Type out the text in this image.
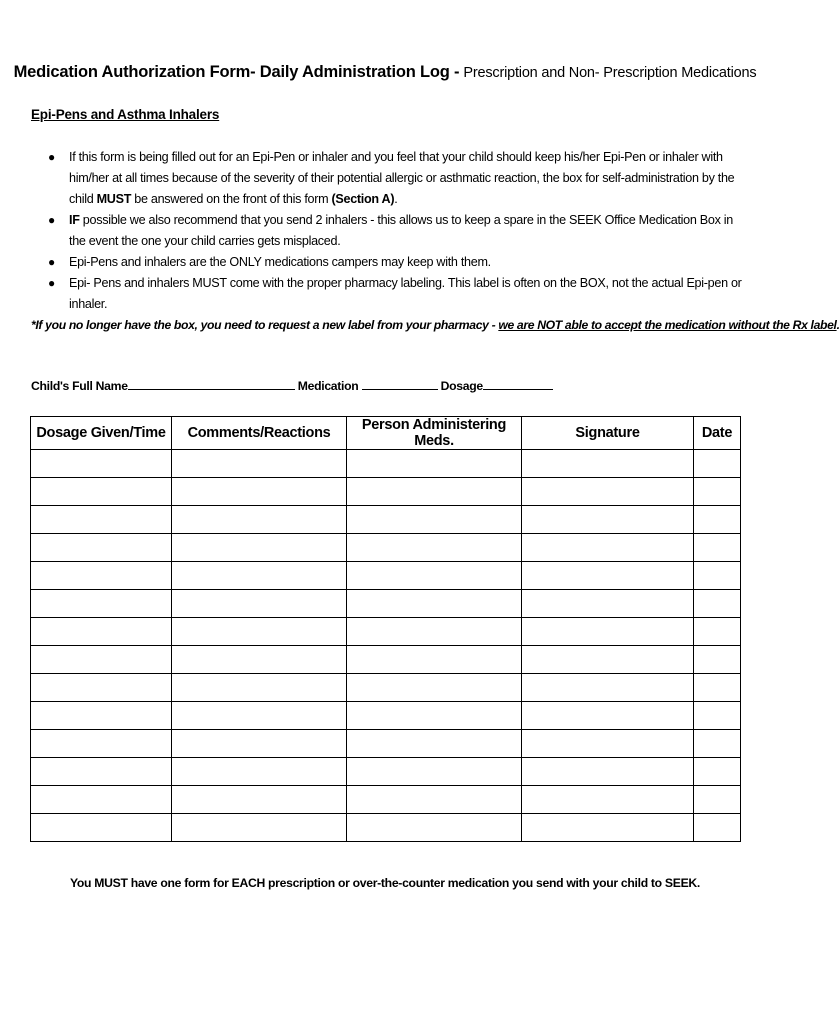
Medication Authorization Form- Daily Administration Log - Prescription and Non- Prescription Medications
Epi-Pens and Asthma Inhalers
● If this form is being filled out for an Epi-Pen or inhaler and you feel that your child should keep his/her Epi-Pen or inhaler with him/her at all times because of the severity of their potential allergic or asthmatic reaction, the box for self-administration by the child MUST be answered on the front of this form (Section A).
● IF possible we also recommend that you send 2 inhalers - this allows us to keep a spare in the SEEK Office Medication Box in the event the one your child carries gets misplaced.
● Epi-Pens and inhalers are the ONLY medications campers may keep with them.
● Epi- Pens and inhalers MUST come with the proper pharmacy labeling. This label is often on the BOX, not the actual Epi-pen or inhaler.
*If you no longer have the box, you need to request a new label from your pharmacy - we are NOT able to accept the medication without the Rx label.
Child's Full Name	Medication	Dosage
Dosage Given/Time	Comments/Reactions	Person Administering Meds.	Signature	Date

You MUST have one form for EACH prescription or over-the-counter medication you send with your child to SEEK.
